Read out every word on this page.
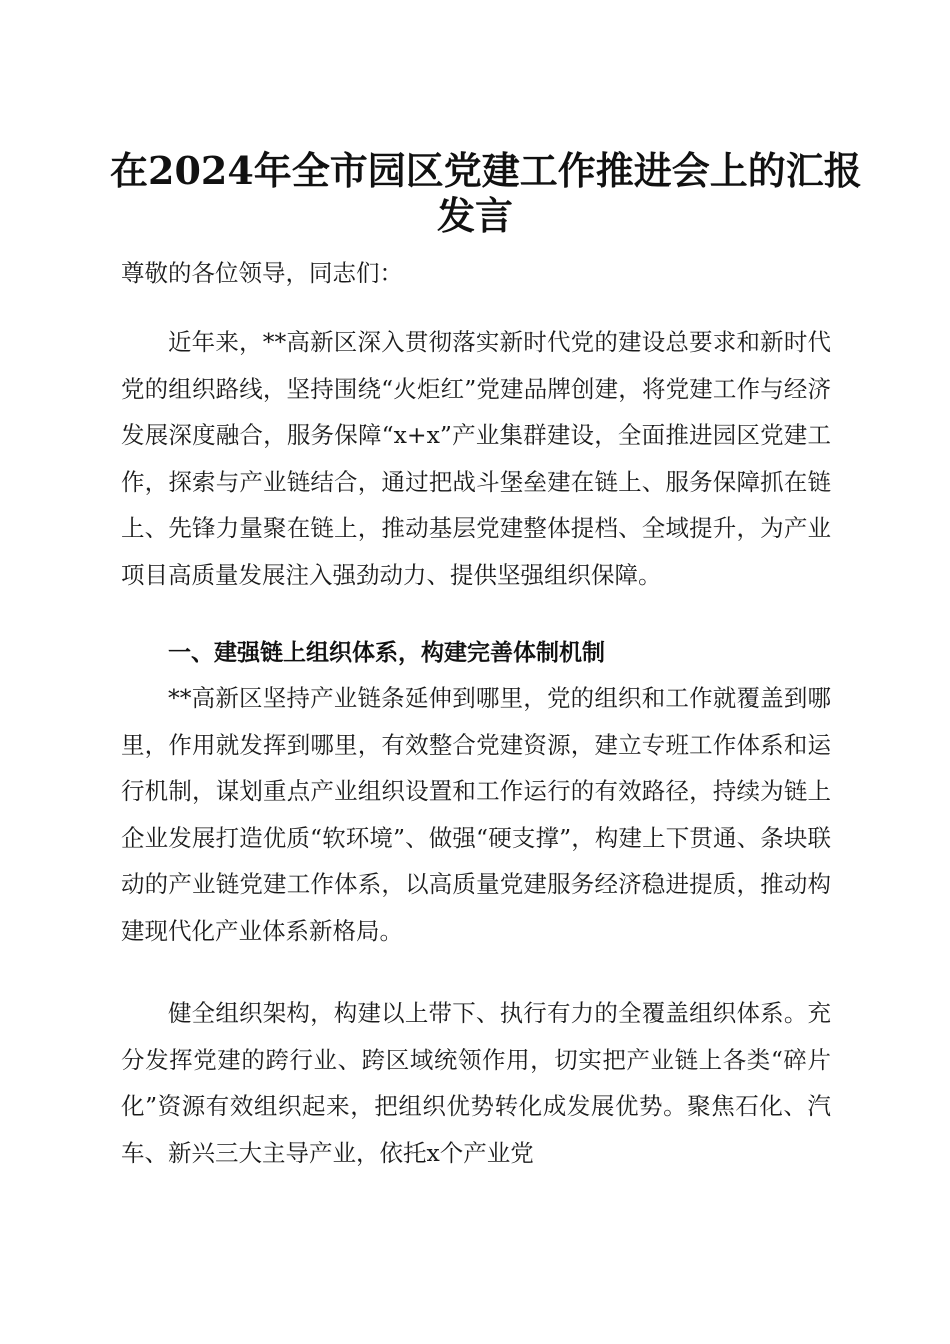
在2024年全市园区党建工作推进会上的汇报
发言

尊敬的各位领导，同志们：

近年来，**高新区深入贯彻落实新时代党的建设总要求和新时代党的组织路线，坚持围绕“火炬红”党建品牌创建，将党建工作与经济发展深度融合，服务保障“x+x”产业集群建设，全面推进园区党建工作，探索与产业链结合，通过把战斗堡垒建在链上、服务保障抓在链上、先锋力量聚在链上，推动基层党建整体提档、全域提升，为产业项目高质量发展注入强劲动力、提供坚强组织保障。

一、建强链上组织体系，构建完善体制机制

**高新区坚持产业链条延伸到哪里，党的组织和工作就覆盖到哪里，作用就发挥到哪里，有效整合党建资源，建立专班工作体系和运行机制，谋划重点产业组织设置和工作运行的有效路径，持续为链上企业发展打造优质“软环境”、做强“硬支撑”，构建上下贯通、条块联动的产业链党建工作体系，以高质量党建服务经济稳进提质，推动构建现代化产业体系新格局。

健全组织架构，构建以上带下、执行有力的全覆盖组织体系。充分发挥党建的跨行业、跨区域统领作用，切实把产业链上各类“碎片化”资源有效组织起来，把组织优势转化成发展优势。聚焦石化、汽车、新兴三大主导产业，依托x个产业党
